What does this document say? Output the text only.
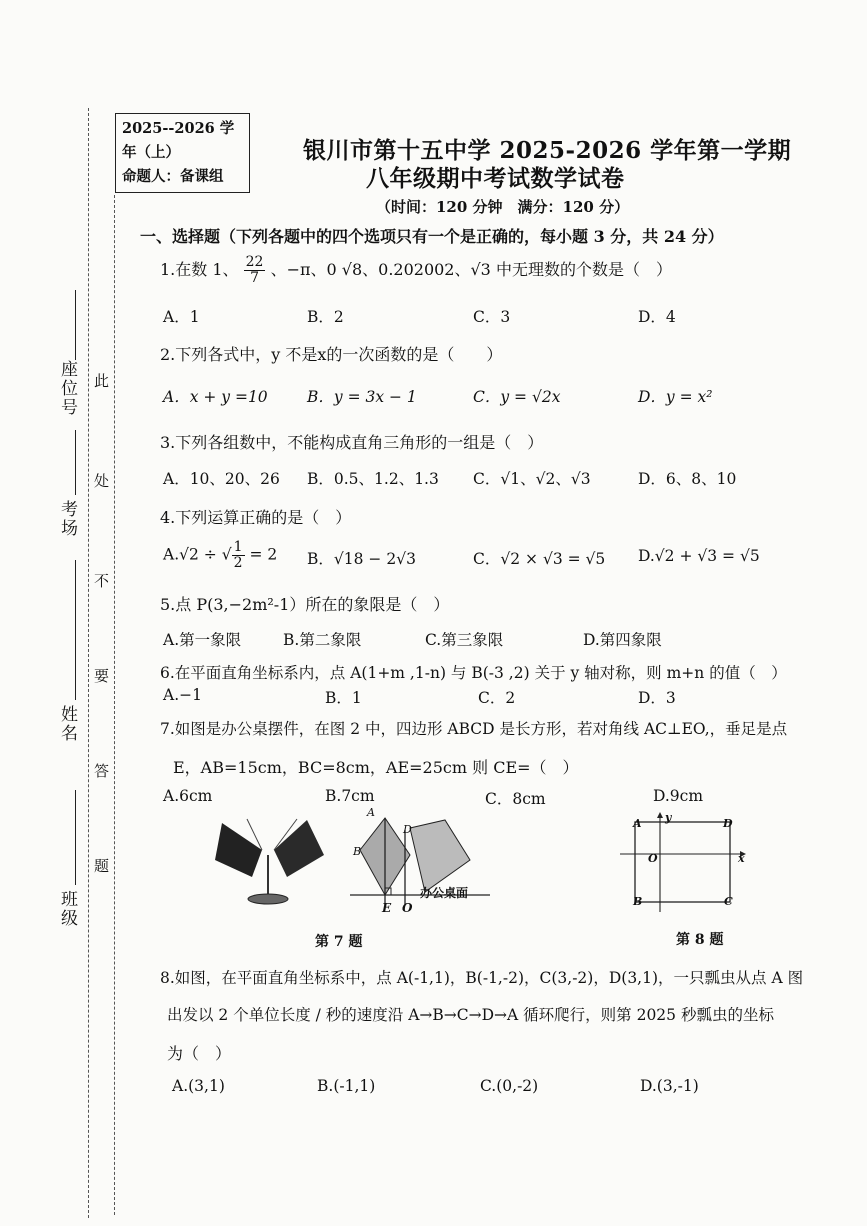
座位号
考场
姓名
班级
此
处
不
要
答
题
2025--2026 学
年（上）
命题人：备课组
银川市第十五中学 2025-2026 学年第一学期
八年级期中考试数学试卷
（时间：120 分钟　满分：120 分）
一、选择题（下列各题中的四个选项只有一个是正确的，每小题 3 分，共 24 分）
1.在数 1、 $\frac{22}{7}$ 、−π、0 √8、0.202002、√3 中无理数的个数是（　）
A．1	B．2	C．3	D．4
2.下列各式中，y 不是x的一次函数的是（　　）
A．x + y =10	B．y = 3x − 1	C．y = √2x	D．y = x²
3.下列各组数中，不能构成直角三角形的一组是（　）
A．10、20、26 B．0.5、1.2、1.3 C．√1、√2、√3	D．6、8、10
4.下列运算正确的是（　）
A.√2 ÷ √ $\frac{1}{2} = 2$ B．√18 − 2√3	C．√2 × √3 = √5 D.√2 + √3 = √5
5.点 P(3,−2m²-1）所在的象限是（　）
A.第一象限	B.第二象限	C.第三象限	D.第四象限
6.在平面直角坐标系内，点 A(1+m ,1-n) 与 B(-3 ,2) 关于 y 轴对称，则 m+n 的值（　）
A.−1	B．1	C．2	D．3
7.如图是办公桌摆件，在图 2 中，四边形 ABCD 是长方形，若对角线 AC⊥EO,，垂足是点
E，AB=15cm，BC=8cm，AE=25cm 则 CE=（　）
A.6cm	B.7cm	C．8cm	D.9cm
A
D
B
E O
办公桌面
第 7 题
A y	D
O	x
B	C
第 8 题
8.如图，在平面直角坐标系中，点 A(-1,1)，B(-1,-2)，C(3,-2)，D(3,1)，一只瓢虫从点 A 图
出发以 2 个单位长度 / 秒的速度沿 A→B→C→D→A 循环爬行，则第 2025 秒瓢虫的坐标
为（　）
A.(3,1)	B.(-1,1)	C.(0,-2)	D.(3,-1)
